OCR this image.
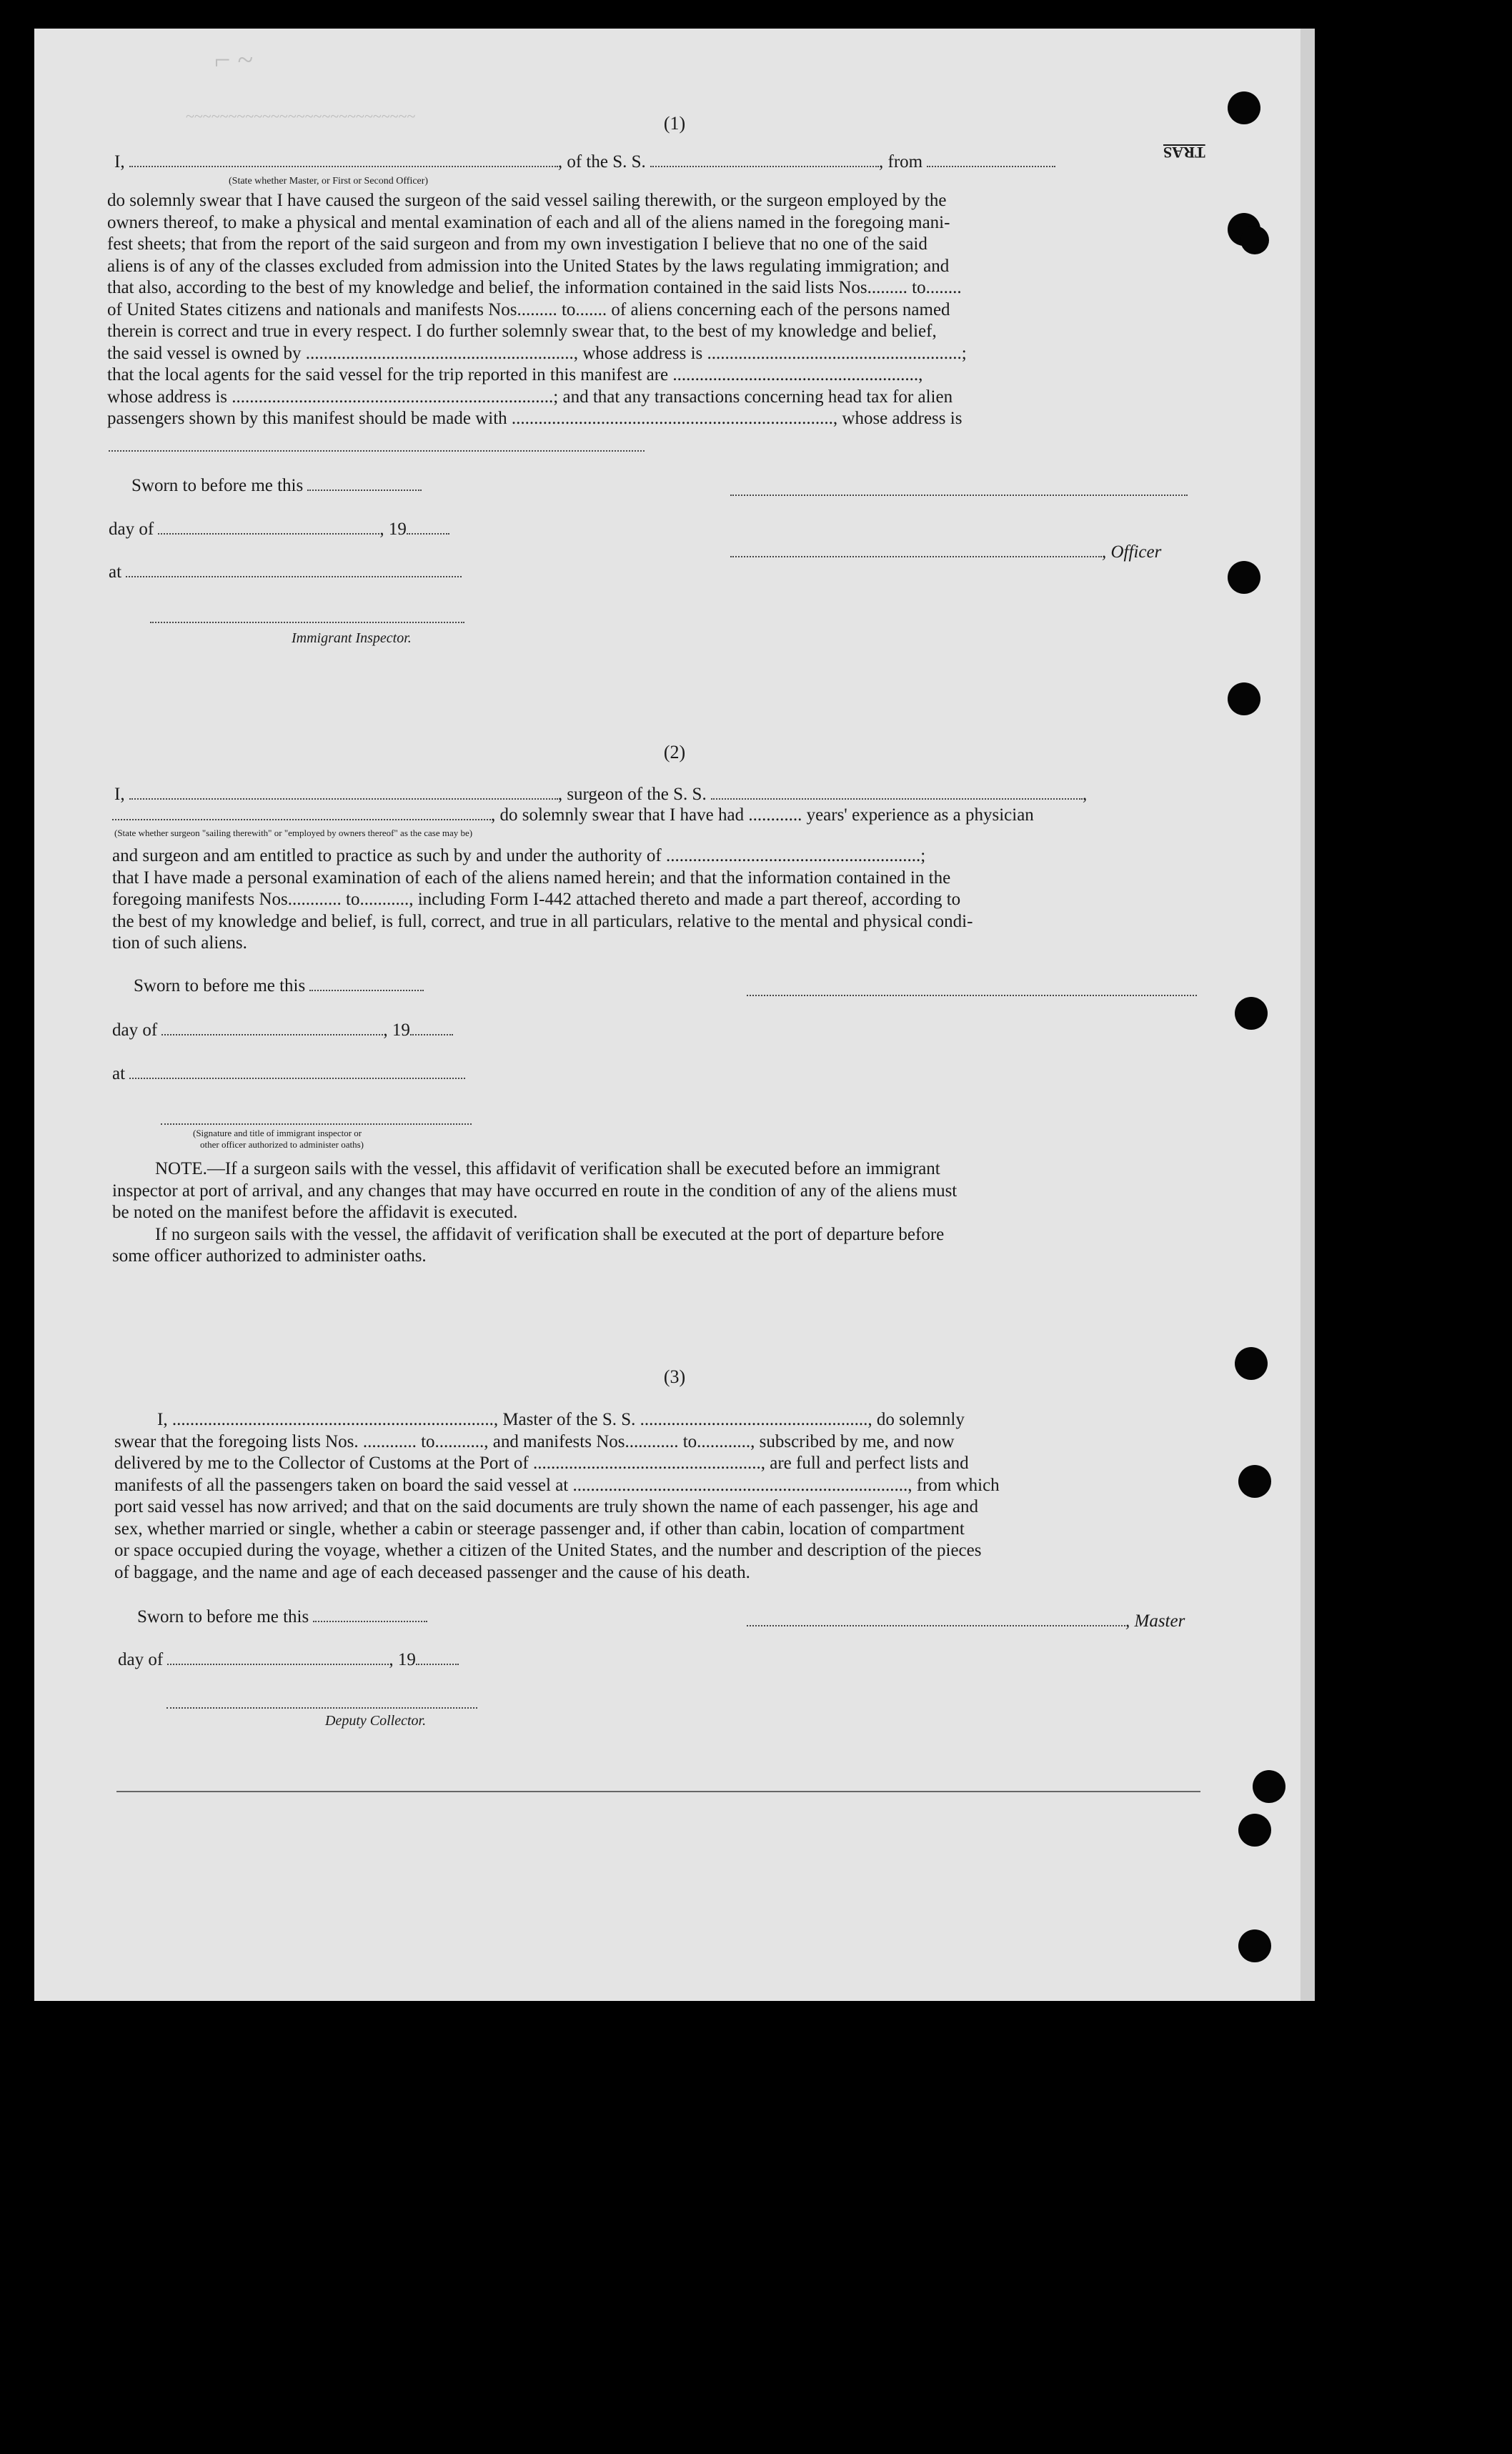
~~~~~~~~~~~~~~~~~~~~~~~~~~~
⌐ ~
TRAS
(1)
I,	, of the S. S.	, from
(State whether Master, or First or Second Officer)
do solemnly swear that I have caused the surgeon of the said vessel sailing therewith, or the surgeon employed by the
owners thereof, to make a physical and mental examination of each and all of the aliens named in the foregoing mani-
fest sheets; that from the report of the said surgeon and from my own investigation I believe that no one of the said
aliens is of any of the classes excluded from admission into the United States by the laws regulating immigration; and
that also, according to the best of my knowledge and belief, the information contained in the said lists Nos......... to........
of United States citizens and nationals and manifests Nos......... to....... of aliens concerning each of the persons named
therein is correct and true in every respect. I do further solemnly swear that, to the best of my knowledge and belief,
the said vessel is owned by ............................................................, whose address is .........................................................;
that the local agents for the said vessel for the trip reported in this manifest are .......................................................,
whose address is ........................................................................; and that any transactions concerning head tax for alien
passengers shown by this manifest should be made with ........................................................................, whose address is
Sworn to before me this
day of	, 19
, Officer
at
Immigrant Inspector.
(2)
I,	, surgeon of the S. S.	,
, do solemnly swear that I have had ............ years' experience as a physician
(State whether surgeon "sailing therewith" or "employed by owners thereof" as the case may be)
and surgeon and am entitled to practice as such by and under the authority of .........................................................;
that I have made a personal examination of each of the aliens named herein; and that the information contained in the
foregoing manifests Nos............ to..........., including Form I-442 attached thereto and made a part thereof, according to
the best of my knowledge and belief, is full, correct, and true in all particulars, relative to the mental and physical condi-
tion of such aliens.
Sworn to before me this
day of	, 19
at
(Signature and title of immigrant inspector or
other officer authorized to administer oaths)
NOTE.—If a surgeon sails with the vessel, this affidavit of verification shall be executed before an immigrant
inspector at port of arrival, and any changes that may have occurred en route in the condition of any of the aliens must
be noted on the manifest before the affidavit is executed.
If no surgeon sails with the vessel, the affidavit of verification shall be executed at the port of departure before
some officer authorized to administer oaths.
(3)
I, ........................................................................, Master of the S. S. ..................................................., do solemnly
swear that the foregoing lists Nos. ............ to..........., and manifests Nos............ to............, subscribed by me, and now
delivered by me to the Collector of Customs at the Port of ..................................................., are full and perfect lists and
manifests of all the passengers taken on board the said vessel at ..........................................................................., from which
port said vessel has now arrived; and that on the said documents are truly shown the name of each passenger, his age and
sex, whether married or single, whether a cabin or steerage passenger and, if other than cabin, location of compartment
or space occupied during the voyage, whether a citizen of the United States, and the number and description of the pieces
of baggage, and the name and age of each deceased passenger and the cause of his death.
Sworn to before me this	, Master
day of	, 19
Deputy Collector.
